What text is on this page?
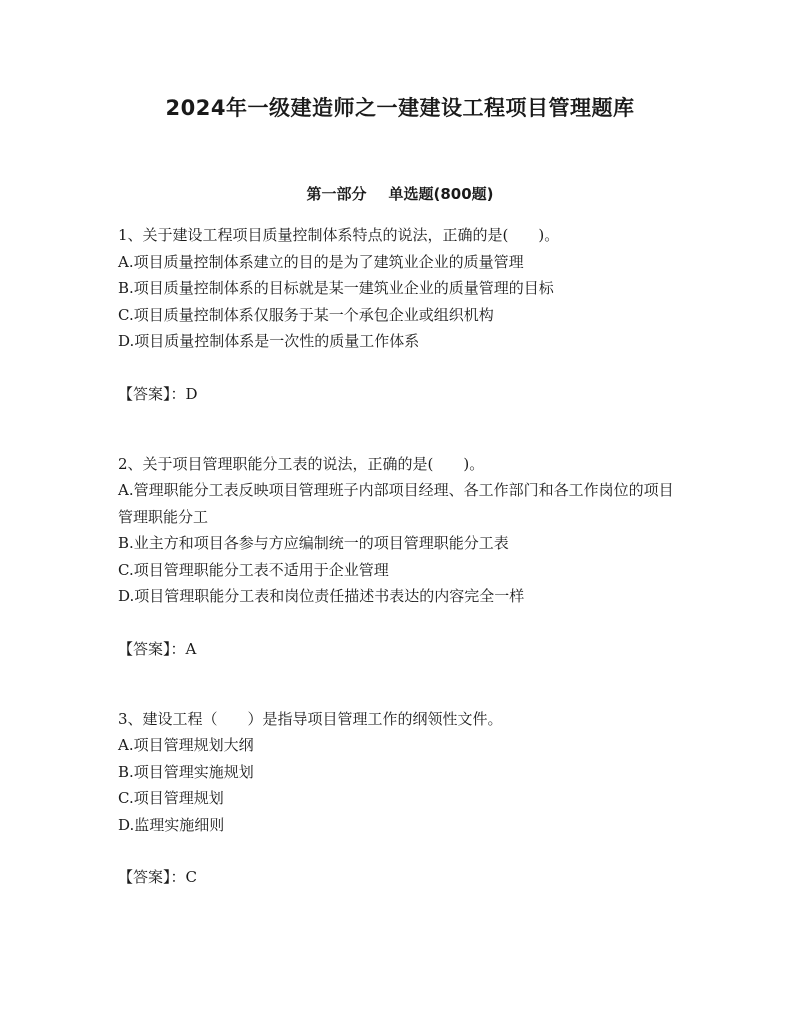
2024年一级建造师之一建建设工程项目管理题库
第一部分 单选题(800题)
1、关于建设工程项目质量控制体系特点的说法，正确的是(　　)。
A.项目质量控制体系建立的目的是为了建筑业企业的质量管理
B.项目质量控制体系的目标就是某一建筑业企业的质量管理的目标
C.项目质量控制体系仅服务于某一个承包企业或组织机构
D.项目质量控制体系是一次性的质量工作体系
【答案】：D
2、关于项目管理职能分工表的说法，正确的是(　　)。
A.管理职能分工表反映项目管理班子内部项目经理、各工作部门和各工作岗位的项目管理职能分工
B.业主方和项目各参与方应编制统一的项目管理职能分工表
C.项目管理职能分工表不适用于企业管理
D.项目管理职能分工表和岗位责任描述书表达的内容完全一样
【答案】：A
3、建设工程（　　）是指导项目管理工作的纲领性文件。
A.项目管理规划大纲
B.项目管理实施规划
C.项目管理规划
D.监理实施细则
【答案】：C
